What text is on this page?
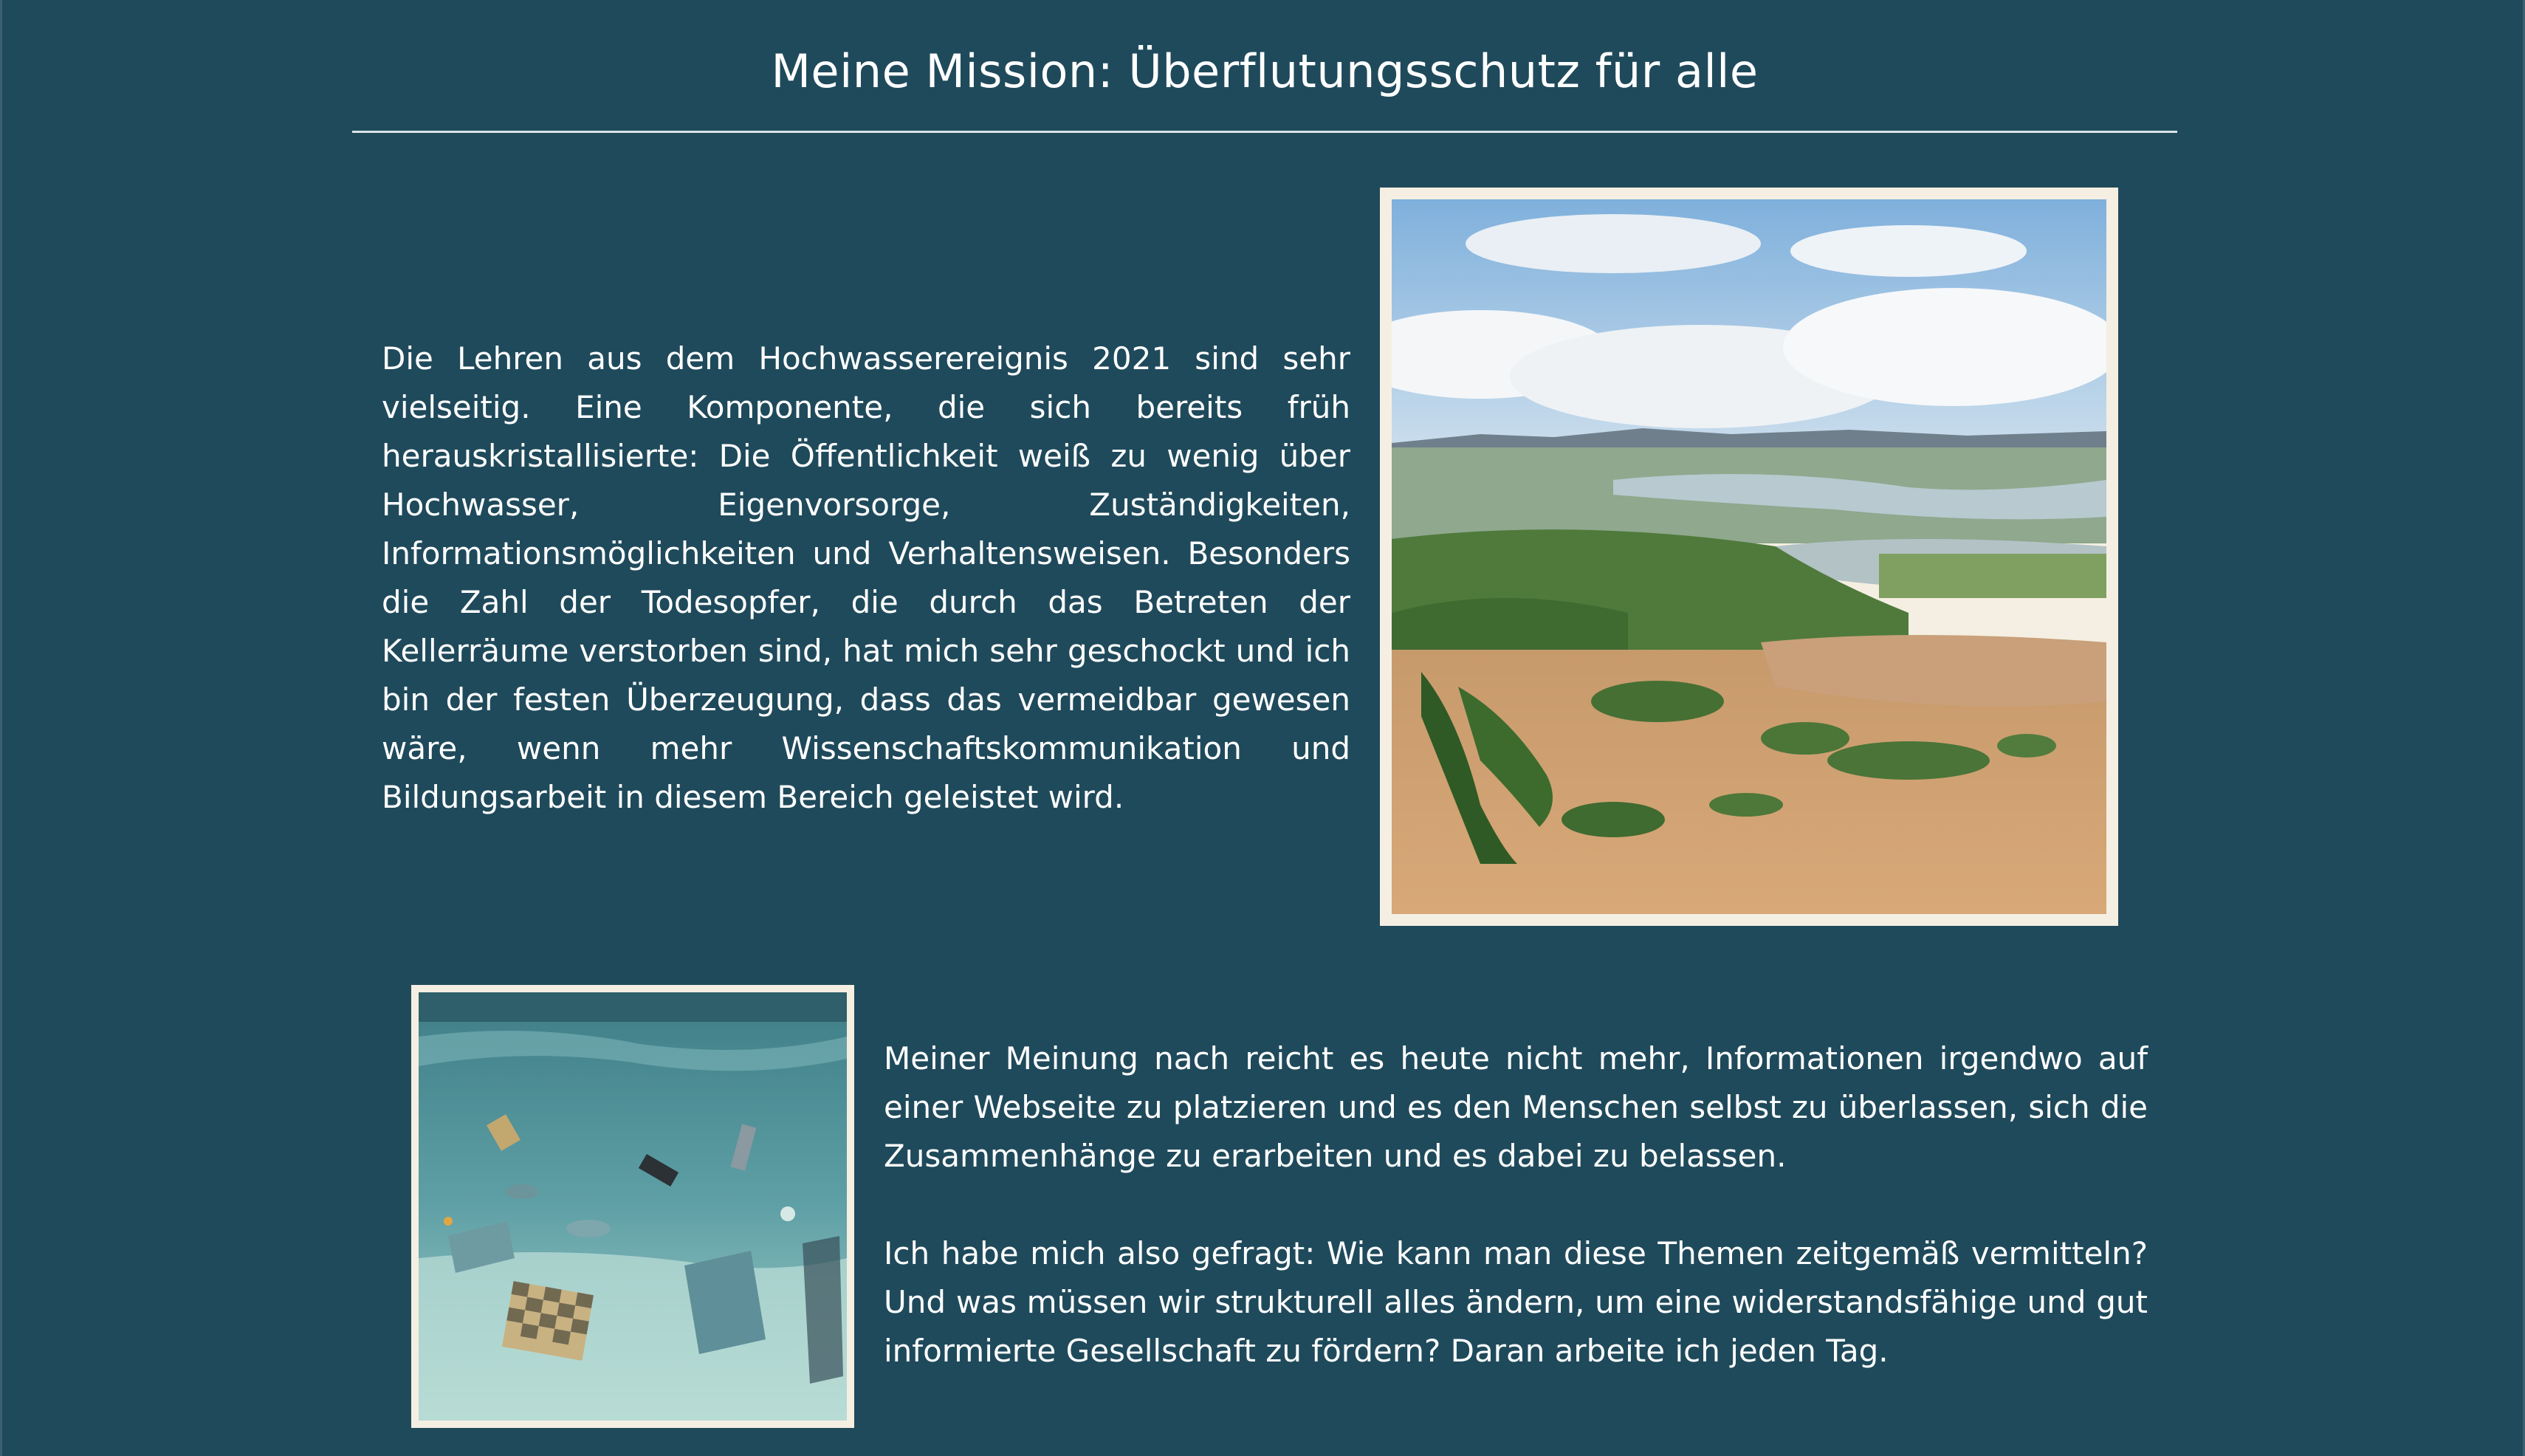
Meine Mission: Überflutungsschutz für alle

Die Lehren aus dem Hochwasserereignis 2021 sind sehr vielseitig. Eine Komponente, die sich bereits früh herauskristallisierte: Die Öffentlichkeit weiß zu wenig über Hochwasser, Eigenvorsorge, Zuständigkeiten, Informationsmöglichkeiten und Verhaltensweisen. Besonders die Zahl der Todesopfer, die durch das Betreten der Kellerräume verstorben sind, hat mich sehr geschockt und ich bin der festen Überzeugung, dass das vermeidbar gewesen wäre, wenn mehr Wissenschaftskommunikation und Bildungsarbeit in diesem Bereich geleistet wird.

Meiner Meinung nach reicht es heute nicht mehr, Informationen irgendwo auf einer Webseite zu platzieren und es den Menschen selbst zu überlassen, sich die Zusammenhänge zu erarbeiten und es dabei zu belassen.

Ich habe mich also gefragt: Wie kann man diese Themen zeitgemäß vermitteln? Und was müssen wir strukturell alles ändern, um eine widerstandsfähige und gut informierte Gesellschaft zu fördern? Daran arbeite ich jeden Tag.
